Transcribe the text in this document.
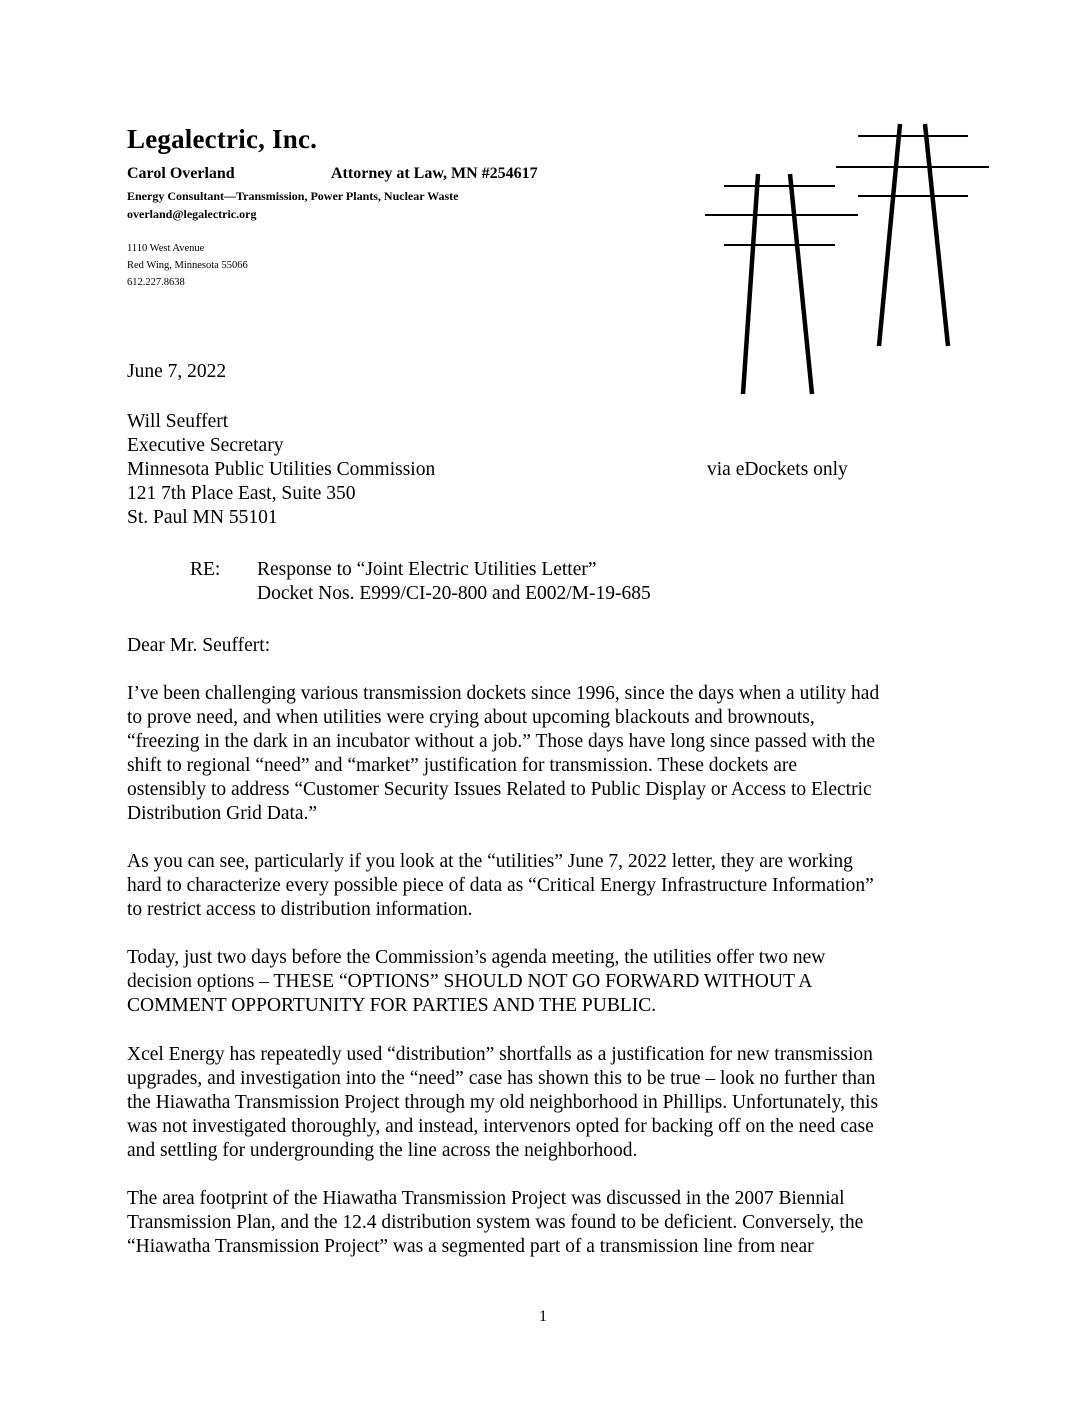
Legalectric, Inc.
Carol Overland	Attorney at Law, MN #254617
Energy Consultant—Transmission, Power Plants, Nuclear Waste
overland@legalectric.org
1110 West Avenue
Red Wing, Minnesota 55066
612.227.8638
June 7, 2022
Will Seuffert
Executive Secretary
Minnesota Public Utilities Commission
121 7th Place East, Suite 350
St. Paul MN 55101
via eDockets only
RE: Response to “Joint Electric Utilities Letter”
Docket Nos. E999/CI-20-800 and E002/M-19-685
Dear Mr. Seuffert:
I’ve been challenging various transmission dockets since 1996, since the days when a utility had
to prove need, and when utilities were crying about upcoming blackouts and brownouts,
“freezing in the dark in an incubator without a job.” Those days have long since passed with the
shift to regional “need” and “market” justification for transmission. These dockets are
ostensibly to address “Customer Security Issues Related to Public Display or Access to Electric
Distribution Grid Data.”
As you can see, particularly if you look at the “utilities” June 7, 2022 letter, they are working
hard to characterize every possible piece of data as “Critical Energy Infrastructure Information”
to restrict access to distribution information.
Today, just two days before the Commission’s agenda meeting, the utilities offer two new
decision options – THESE “OPTIONS” SHOULD NOT GO FORWARD WITHOUT A
COMMENT OPPORTUNITY FOR PARTIES AND THE PUBLIC.
Xcel Energy has repeatedly used “distribution” shortfalls as a justification for new transmission
upgrades, and investigation into the “need” case has shown this to be true – look no further than
the Hiawatha Transmission Project through my old neighborhood in Phillips. Unfortunately, this
was not investigated thoroughly, and instead, intervenors opted for backing off on the need case
and settling for undergrounding the line across the neighborhood.
The area footprint of the Hiawatha Transmission Project was discussed in the 2007 Biennial
Transmission Plan, and the 12.4 distribution system was found to be deficient. Conversely, the
“Hiawatha Transmission Project” was a segmented part of a transmission line from near
1
